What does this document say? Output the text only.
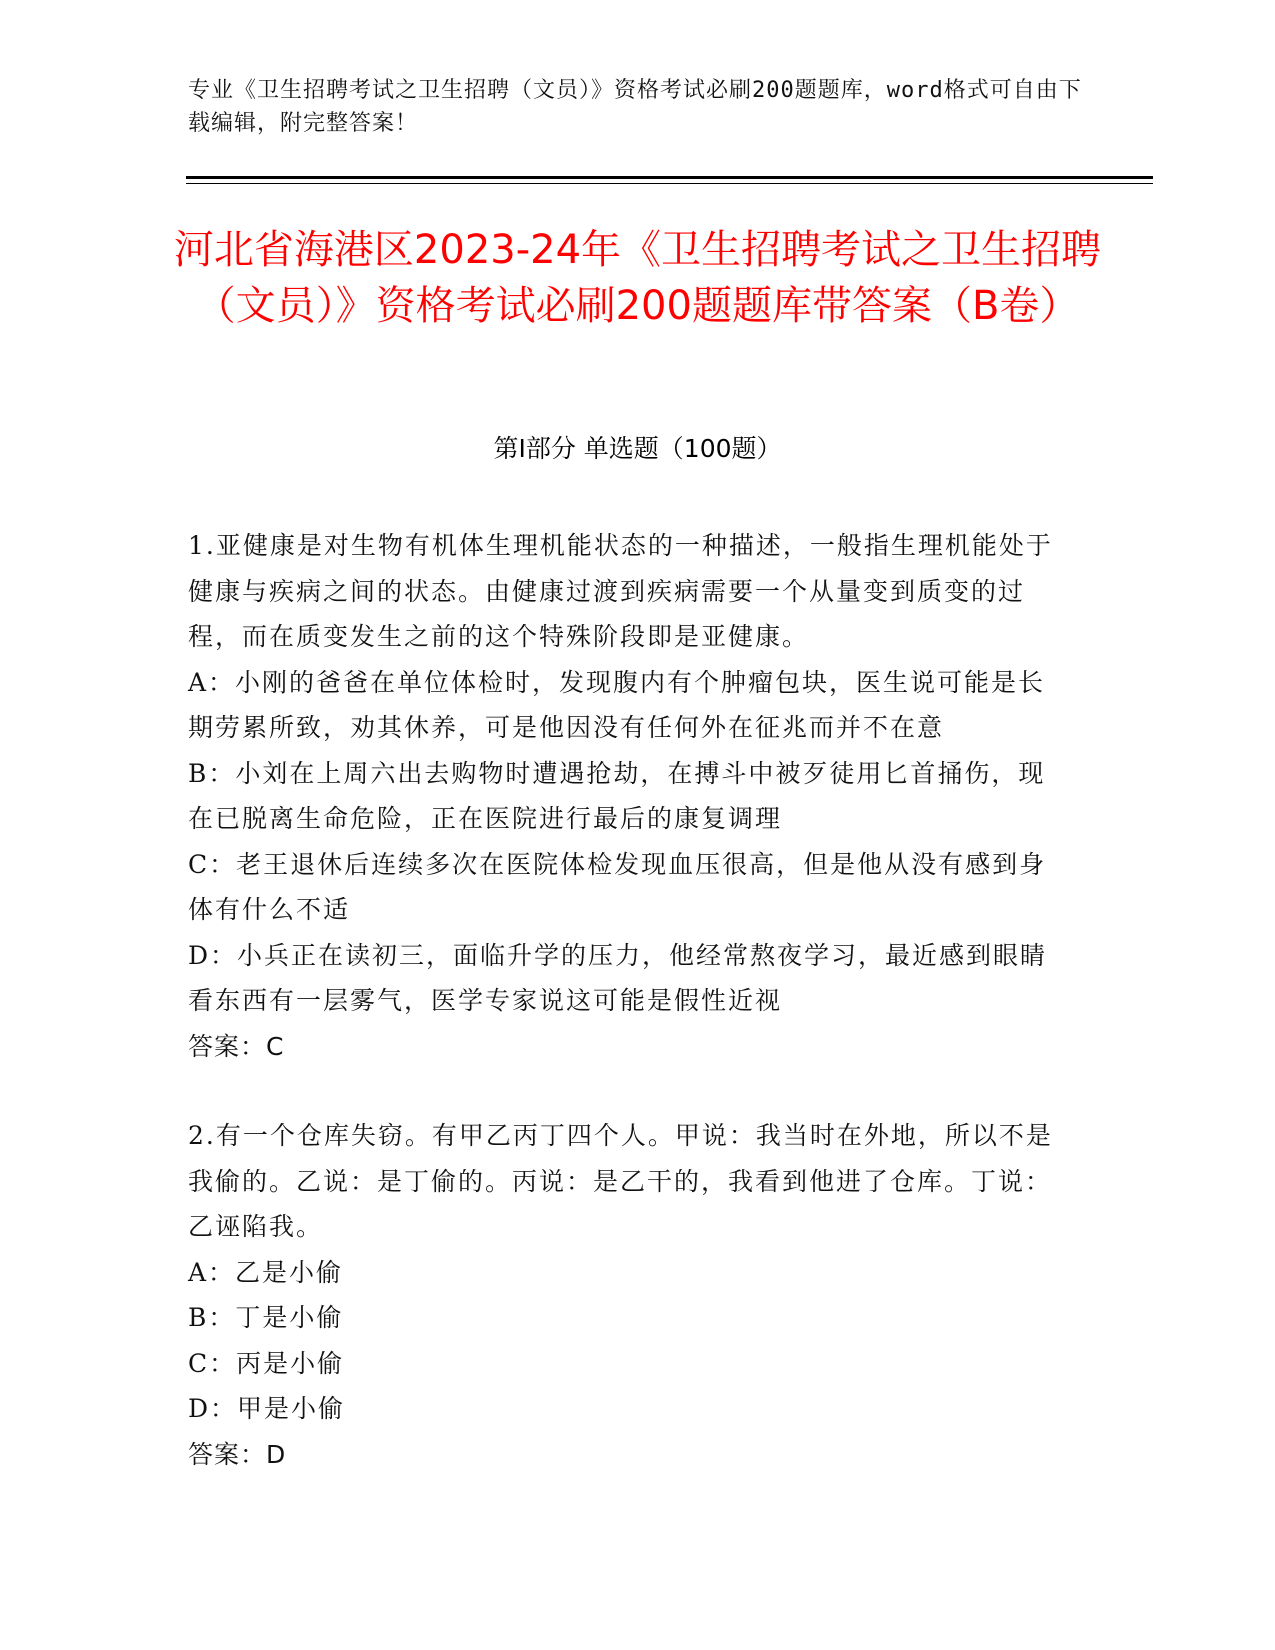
专业《卫生招聘考试之卫生招聘（文员）》资格考试必刷200题题库，word格式可自由下载编辑，附完整答案！
河北省海港区2023-24年《卫生招聘考试之卫生招聘（文员）》资格考试必刷200题题库带答案（B卷）
第Ⅰ部分 单选题（100题）
1.亚健康是对生物有机体生理机能状态的一种描述，一般指生理机能处于健康与疾病之间的状态。由健康过渡到疾病需要一个从量变到质变的过程，而在质变发生之前的这个特殊阶段即是亚健康。
A：小刚的爸爸在单位体检时，发现腹内有个肿瘤包块，医生说可能是长期劳累所致，劝其休养，可是他因没有任何外在征兆而并不在意
B：小刘在上周六出去购物时遭遇抢劫，在搏斗中被歹徒用匕首捅伤，现在已脱离生命危险，正在医院进行最后的康复调理
C：老王退休后连续多次在医院体检发现血压很高，但是他从没有感到身体有什么不适
D：小兵正在读初三，面临升学的压力，他经常熬夜学习，最近感到眼睛看东西有一层雾气，医学专家说这可能是假性近视
答案：C
2.有一个仓库失窃。有甲乙丙丁四个人。甲说：我当时在外地，所以不是我偷的。乙说：是丁偷的。丙说：是乙干的，我看到他进了仓库。丁说：乙诬陷我。
A：乙是小偷
B：丁是小偷
C：丙是小偷
D：甲是小偷
答案：D
